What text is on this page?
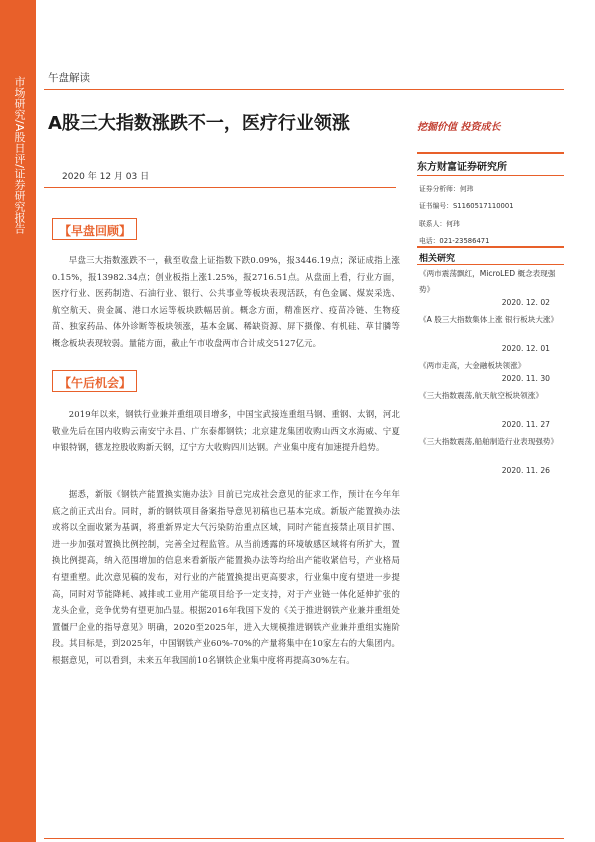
市场研究/A股日评/证券研究报告 午盘解读
A股三大指数涨跌不一，医疗行业领涨	挖掘价值 投资成长
2020 年 12 月 03 日
【早盘回顾】

早盘三大指数涨跌不一，截至收盘上证指数下跌0.09%，报3446.19点；深证成指上涨0.15%，报13982.34点；创业板指上涨1.25%，报2716.51点。从盘面上看，行业方面，医疗行业、医药制造、石油行业、银行、公共事业等板块表现活跃，有色金属、煤炭采选、航空航天、贵金属、港口水运等板块跌幅居前。概念方面，精准医疗、疫苗冷链、生物疫苗、独家药品、体外诊断等板块领涨，基本金属、稀缺资源、屏下摄像、有机硅、草甘膦等概念板块表现较弱。量能方面，截止午市收盘两市合计成交5127亿元。

【午后机会】

2019年以来，钢铁行业兼并重组项目增多，中国宝武接连重组马钢、重钢、太钢，河北敬业先后在国内收购云南安宁永昌、广东泰都钢铁；北京建龙集团收购山西文水海威、宁夏申银特钢，德龙控股收购新天钢，辽宁方大收购四川达钢。产业集中度有加速提升趋势。

据悉，新版《钢铁产能置换实施办法》目前已完成社会意见的征求工作，预计在今年年底之前正式出台。同时，新的钢铁项目备案指导意见初稿也已基本完成。新版产能置换办法或将以全面收紧为基调，将重新界定大气污染防治重点区域，同时产能直接禁止项目扩围、进一步加强对置换比例控制，完善全过程监管。从当前透露的环境敏感区域将有所扩大，置换比例提高，纳入范围增加的信息来看新版产能置换办法等均给出产能收紧信号，产业格局有望重塑。此次意见稿的发布，对行业的产能置换提出更高要求，行业集中度有望进一步提高，同时对节能降耗、减排或工业用产能项目给予一定支持，对于产业链一体化延伸扩张的龙头企业，竞争优势有望更加凸显。根据2016年我国下发的《关于推进钢铁产业兼并重组处置僵尸企业的指导意见》明确，2020至2025年，进入大规模推进钢铁产业兼并重组实施阶段。其目标是，到2025年，中国钢铁产业60%-70%的产量将集中在10家左右的大集团内。根据意见，可以看到，未来五年我国前10名钢铁企业集中度将再提高30%左右。

东方财富证券研究所
证券分析师：何玮
证书编号：S1160517110001
联系人：何玮
电话：021-23586471
相关研究
《两市震荡飘红，MicroLED 概念表现强势》
2020. 12. 02
《A 股三大指数集体上涨 银行板块大涨》
2020. 12. 01
《两市走高，大金融板块领涨》
2020. 11. 30
《三大指数震荡,航天航空板块领涨》
2020. 11. 27
《三大指数震荡,船舶制造行业表现强势》
2020. 11. 26
